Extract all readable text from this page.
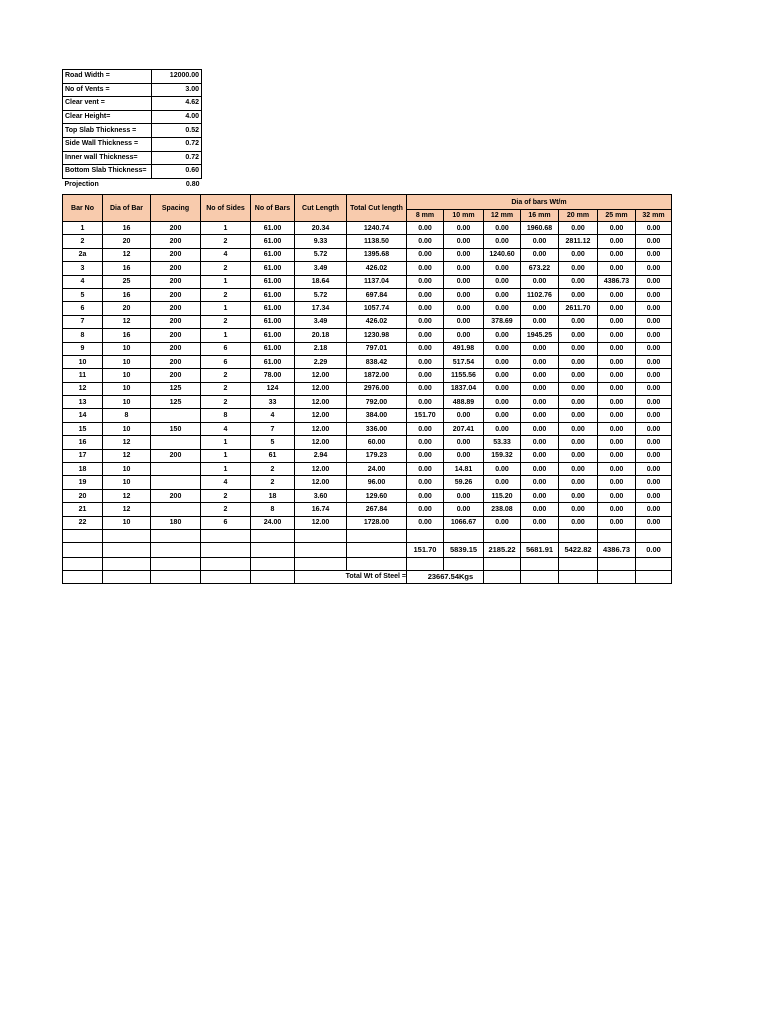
Road Width =	12000.00
No of Vents =	3.00
Clear vent =	4.62
Clear Height=	4.00
Top Slab Thickness =	0.52
Side Wall Thickness =	0.72
Inner wall Thickness=	0.72
Bottom Slab Thickness=	0.60
Projection	0.80
Bar No	Dia of Bar	Spacing	No of Sides	No of Bars	Cut Length	Total Cut length	Dia of bars Wt/m						
							8 mm	10 mm	12 mm	16 mm	20 mm	25 mm	32 mm
1	16	200	1	61.00	20.34	1240.74	0.00	0.00	0.00	1960.68	0.00	0.00	0.00
2	20	200	2	61.00	9.33	1138.50	0.00	0.00	0.00	0.00	2811.12	0.00	0.00
2a	12	200	4	61.00	5.72	1395.68	0.00	0.00	1240.60	0.00	0.00	0.00	0.00
3	16	200	2	61.00	3.49	426.02	0.00	0.00	0.00	673.22	0.00	0.00	0.00
4	25	200	1	61.00	18.64	1137.04	0.00	0.00	0.00	0.00	0.00	4386.73	0.00
5	16	200	2	61.00	5.72	697.84	0.00	0.00	0.00	1102.76	0.00	0.00	0.00
6	20	200	1	61.00	17.34	1057.74	0.00	0.00	0.00	0.00	2611.70	0.00	0.00
7	12	200	2	61.00	3.49	426.02	0.00	0.00	378.69	0.00	0.00	0.00	0.00
8	16	200	1	61.00	20.18	1230.98	0.00	0.00	0.00	1945.25	0.00	0.00	0.00
9	10	200	6	61.00	2.18	797.01	0.00	491.98	0.00	0.00	0.00	0.00	0.00
10	10	200	6	61.00	2.29	838.42	0.00	517.54	0.00	0.00	0.00	0.00	0.00
11	10	200	2	78.00	12.00	1872.00	0.00	1155.56	0.00	0.00	0.00	0.00	0.00
12	10	125	2	124	12.00	2976.00	0.00	1837.04	0.00	0.00	0.00	0.00	0.00
13	10	125	2	33	12.00	792.00	0.00	488.89	0.00	0.00	0.00	0.00	0.00
14	8		8	4	12.00	384.00	151.70	0.00	0.00	0.00	0.00	0.00	0.00
15	10	150	4	7	12.00	336.00	0.00	207.41	0.00	0.00	0.00	0.00	0.00
16	12		1	5	12.00	60.00	0.00	0.00	53.33	0.00	0.00	0.00	0.00
17	12	200	1	61	2.94	179.23	0.00	0.00	159.32	0.00	0.00	0.00	0.00
18	10		1	2	12.00	24.00	0.00	14.81	0.00	0.00	0.00	0.00	0.00
19	10		4	2	12.00	96.00	0.00	59.26	0.00	0.00	0.00	0.00	0.00
20	12	200	2	18	3.60	129.60	0.00	0.00	115.20	0.00	0.00	0.00	0.00
21	12		2	8	16.74	267.84	0.00	0.00	238.08	0.00	0.00	0.00	0.00
22	10	180	6	24.00	12.00	1728.00	0.00	1066.67	0.00	0.00	0.00	0.00	0.00

							151.70	5839.15	2185.22	5681.91	5422.82	4386.73	0.00

					Total Wt of Steel =		23667.54Kgs						
